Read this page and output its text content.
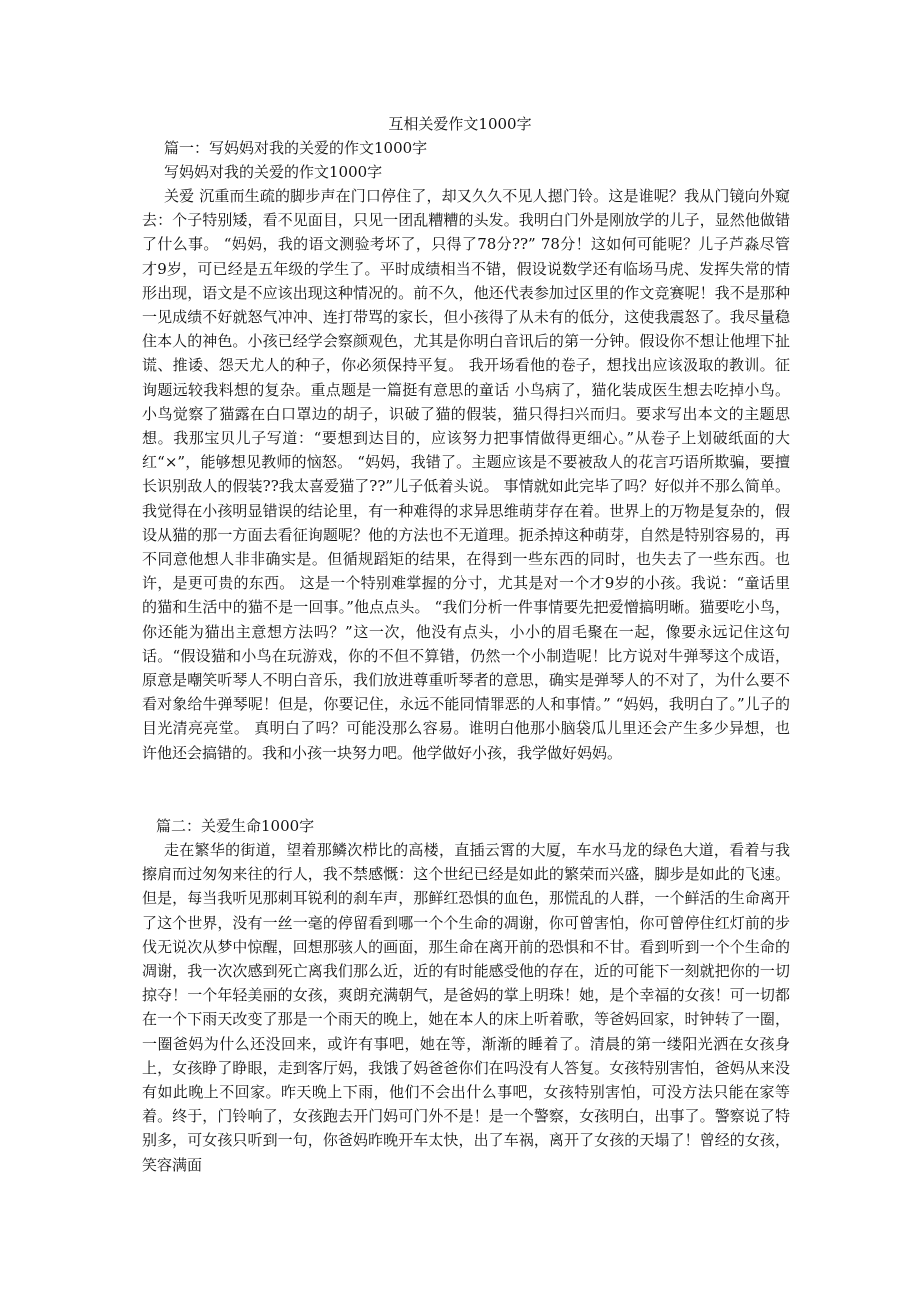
互相关爱作文1000字
篇一：写妈妈对我的关爱的作文1000字
写妈妈对我的关爱的作文1000字

关爱 沉重而生疏的脚步声在门口停住了，却又久久不见人摁门铃。这是谁呢？我从门镜向外窥去：个子特别矮，看不见面目，只见一团乱糟糟的头发。我明白门外是刚放学的儿子，显然他做错了什么事。 “妈妈，我的语文测验考坏了，只得了78分??” 78分！这如何可能呢？儿子芦淼尽管才9岁，可已经是五年级的学生了。平时成绩相当不错，假设说数学还有临场马虎、发挥失常的情形出现，语文是不应该出现这种情况的。前不久，他还代表参加过区里的作文竞赛呢！我不是那种一见成绩不好就怒气冲冲、连打带骂的家长，但小孩得了从未有的低分，这使我震怒了。我尽量稳住本人的神色。小孩已经学会察颜观色，尤其是你明白音讯后的第一分钟。假设你不想让他埋下扯谎、推诿、怨天尤人的种子，你必须保持平复。 我开场看他的卷子，想找出应该汲取的教训。征询题远较我料想的复杂。重点题是一篇挺有意思的童话 小鸟病了，猫化装成医生想去吃掉小鸟。小鸟觉察了猫露在白口罩边的胡子，识破了猫的假装，猫只得扫兴而归。要求写出本文的主题思想。我那宝贝儿子写道：“要想到达目的，应该努力把事情做得更细心。”从卷子上划破纸面的大红“×”，能够想见教师的恼怒。 “妈妈，我错了。主题应该是不要被敌人的花言巧语所欺骗，要擅长识别敌人的假装??我太喜爱猫了??”儿子低着头说。 事情就如此完毕了吗？好似并不那么简单。我觉得在小孩明显错误的结论里，有一种难得的求异思维萌芽存在着。世界上的万物是复杂的，假设从猫的那一方面去看征询题呢？他的方法也不无道理。扼杀掉这种萌芽，自然是特别容易的，再不同意他想人非非确实是。但循规蹈矩的结果，在得到一些东西的同时，也失去了一些东西。也许，是更可贵的东西。 这是一个特别难掌握的分寸，尤其是对一个才9岁的小孩。我说：“童话里的猫和生活中的猫不是一回事。”他点点头。 “我们分析一件事情要先把爱憎搞明晰。猫要吃小鸟，你还能为猫出主意想方法吗？”这一次，他没有点头，小小的眉毛聚在一起，像要永远记住这句话。“假设猫和小鸟在玩游戏，你的不但不算错，仍然一个小制造呢！比方说对牛弹琴这个成语，原意是嘲笑听琴人不明白音乐，我们放进尊重听琴者的意思，确实是弹琴人的不对了，为什么要不看对象给牛弹琴呢！但是，你要记住，永远不能同情罪恶的人和事情。” “妈妈，我明白了。”儿子的目光清亮亮堂。 真明白了吗？可能没那么容易。谁明白他那小脑袋瓜儿里还会产生多少异想，也许他还会搞错的。我和小孩一块努力吧。他学做好小孩，我学做好妈妈。

篇二：关爱生命1000字

走在繁华的街道，望着那鳞次栉比的高楼，直插云霄的大厦，车水马龙的绿色大道，看着与我擦肩而过匆匆来往的行人，我不禁感慨：这个世纪已经是如此的繁荣而兴盛，脚步是如此的飞速。但是，每当我听见那刺耳锐利的刹车声，那鲜红恐惧的血色，那慌乱的人群，一个鲜活的生命离开了这个世界，没有一丝一毫的停留看到哪一个个生命的凋谢，你可曾害怕，你可曾停住红灯前的步伐无说次从梦中惊醒，回想那骇人的画面，那生命在离开前的恐惧和不甘。看到听到一个个生命的凋谢，我一次次感到死亡离我们那么近，近的有时能感受他的存在，近的可能下一刻就把你的一切掠夺！一个年轻美丽的女孩，爽朗充满朝气，是爸妈的掌上明珠！她，是个幸福的女孩！可一切都在一个下雨天改变了那是一个雨天的晚上，她在本人的床上听着歌，等爸妈回家，时钟转了一圈，一圈爸妈为什么还没回来，或许有事吧，她在等，渐渐的睡着了。清晨的第一缕阳光洒在女孩身上，女孩睁了睁眼，走到客厅妈，我饿了妈爸爸你们在吗没有人答复。女孩特别害怕，爸妈从来没有如此晚上不回家。昨天晚上下雨，他们不会出什么事吧，女孩特别害怕，可没方法只能在家等着。终于，门铃响了，女孩跑去开门妈可门外不是！是一个警察，女孩明白，出事了。警察说了特别多，可女孩只听到一句，你爸妈昨晚开车太快，出了车祸，离开了女孩的天塌了！曾经的女孩，笑容满面
